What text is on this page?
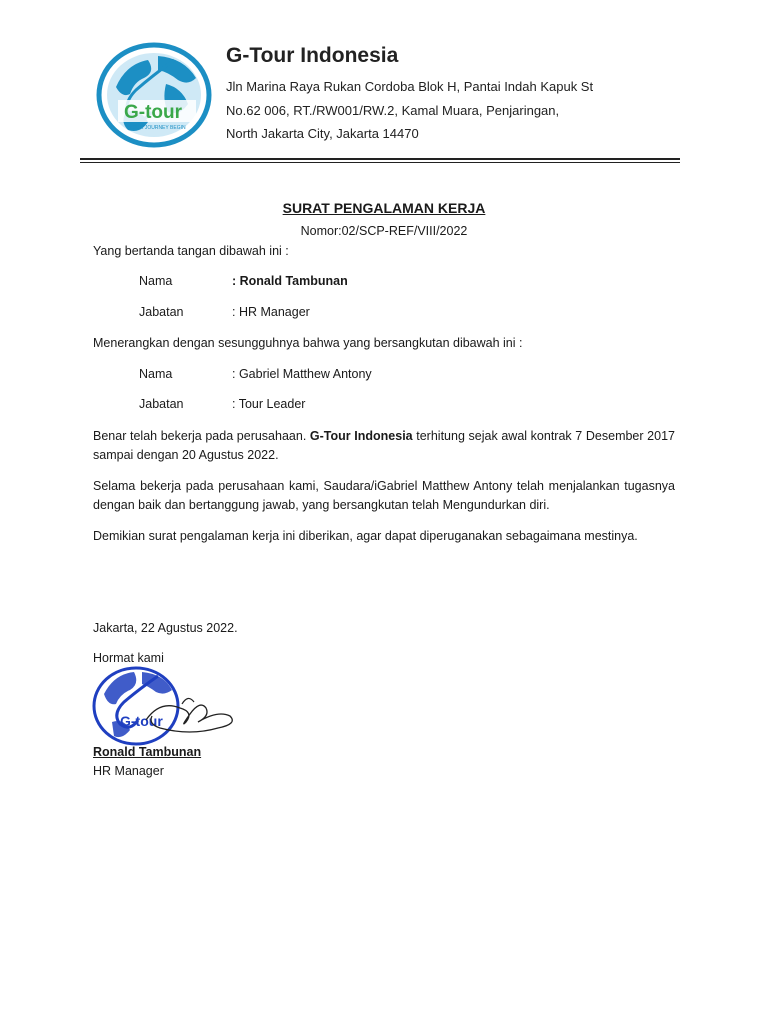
G-tour
YOUR JOURNEY BEGIN
G-Tour Indonesia
Jln Marina Raya Rukan Cordoba Blok H, Pantai Indah Kapuk St
No.62 006, RT./RW001/RW.2, Kamal Muara, Penjaringan,
North Jakarta City, Jakarta 14470
SURAT PENGALAMAN KERJA
Nomor:02/SCP-REF/VIII/2022
Yang bertanda tangan dibawah ini :
Nama	: Ronald Tambunan
Jabatan	: HR Manager
Menerangkan dengan sesungguhnya bahwa yang bersangkutan dibawah ini :
Nama	: Gabriel Matthew Antony
Jabatan	: Tour Leader
Benar telah bekerja pada perusahaan. G-Tour Indonesia terhitung sejak awal kontrak 7 Desember 2017 sampai dengan 20 Agustus 2022.
Selama bekerja pada perusahaan kami, Saudara/iGabriel Matthew Antony telah menjalankan tugasnya dengan baik dan bertanggung jawab, yang bersangkutan telah Mengundurkan diri.
Demikian surat pengalaman kerja ini diberikan, agar dapat diperuganakan sebagaimana mestinya.
Jakarta, 22 Agustus 2022.
Hormat kami
G-tour
Ronald Tambunan
HR Manager
